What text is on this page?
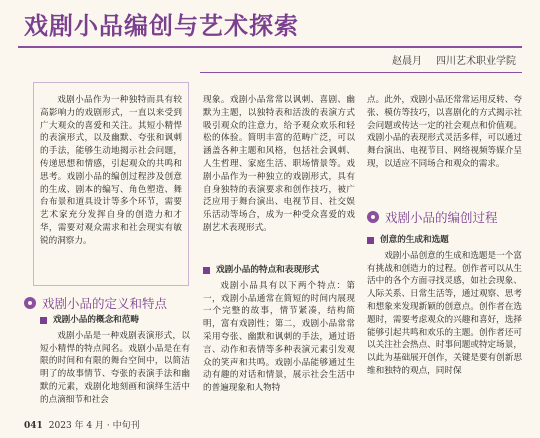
戏剧小品编创与艺术探索
赵晨月 四川艺术职业学院

戏剧小品作为一种独特而具有较高影响力的戏剧形式，一直以来受到广大观众的喜爱和关注。其短小精悍的表演形式，以及幽默、夸张和讽刺的手法，能够生动地揭示社会问题，传递思想和情感，引起观众的共鸣和思考。戏剧小品的编创过程涉及创意的生成、剧本的编写、角色塑造、舞台布景和道具设计等多个环节，需要艺术家充分发挥自身的创造力和才华，需要对观众需求和社会现实有敏锐的洞察力。

戏剧小品的定义和特点
戏剧小品的概念和范畴

戏剧小品是一种戏剧表演形式，以短小精悍的特点闻名。戏剧小品是在有限的时间和有限的舞台空间中，以简洁明了的故事情节、夸张的表演手法和幽默的元素，戏剧化地刻画和演绎生活中的点滴细节和社会

现象。戏剧小品常常以讽刺、喜剧、幽默为主题，以独特表和活泼的表演方式吸引观众的注意力，给予观众欢乐和轻松的体验。简明丰富的范畴广泛，可以涵盖各种主题和风格，包括社会讽刺、人生哲理、家庭生活、职场情景等。戏剧小品作为一种独立的戏剧形式，具有自身独特的表演要求和创作技巧，被广泛应用于舞台演出、电视节目、社交娱乐活动等场合，成为一种受众喜爱的戏剧艺术表现形式。

戏剧小品的特点和表现形式

戏剧小品具有以下两个特点：第一，戏剧小品通常在简短的时间内展现一个完整的故事，情节紧凑，结构简明，富有戏剧性；第二，戏剧小品常常采用夸张、幽默和讽刺的手法，通过语言、动作和表情等多种表演元素引发观众的笑声和共鸣。戏剧小品能够通过生动有趣的对话和情景，展示社会生活中的普遍现象和人物特

点。此外，戏剧小品还常常运用反转、夸张、模仿等技巧，以喜剧化的方式揭示社会问题或传达一定的社会观点和价值观。戏剧小品的表现形式灵活多样，可以通过舞台演出、电视节目、网络视频等媒介呈现，以适应不同场合和观众的需求。

戏剧小品的编创过程
创意的生成和选题

戏剧小品创意的生成和选题是一个富有挑战和创造力的过程。创作者可以从生活中的各个方面寻找灵感，如社会现象、人际关系、日常生活等，通过观察、思考和想象来发现新颖的创意点。创作者在选题时，需要考虑观众的兴趣和喜好，选择能够引起共鸣和欢乐的主题。创作者还可以关注社会热点、时事问题或特定场景，以此为基础展开创作，关键是要有创新思维和独特的观点，同时保

041 2023 年 4 月 · 中旬刊
